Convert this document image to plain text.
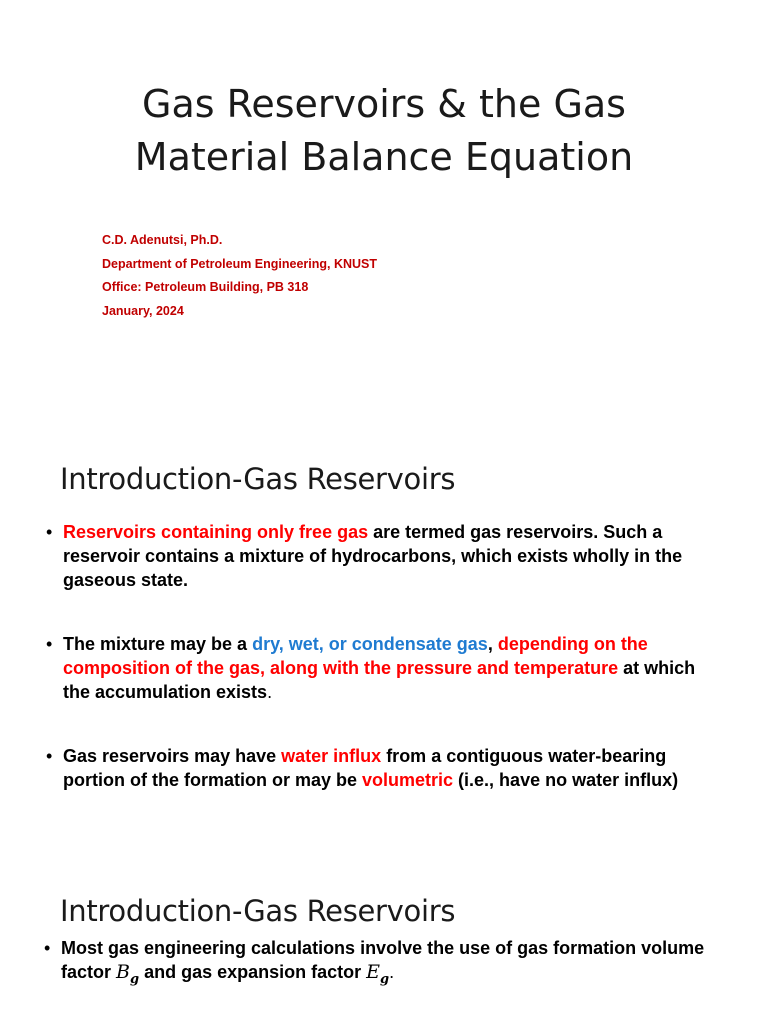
Gas Reservoirs & the Gas
Material Balance Equation
C.D. Adenutsi, Ph.D.
Department of Petroleum Engineering, KNUST
Office: Petroleum Building, PB 318
January, 2024
Introduction-Gas Reservoirs
• Reservoirs containing only free gas are termed gas reservoirs. Such a reservoir contains a mixture of hydrocarbons, which exists wholly in the gaseous state.
• The mixture may be a dry, wet, or condensate gas, depending on the composition of the gas, along with the pressure and temperature at which the accumulation exists.
• Gas reservoirs may have water influx from a contiguous water-bearing portion of the formation or may be volumetric (i.e., have no water influx)
Introduction-Gas Reservoirs
• Most gas engineering calculations involve the use of gas formation volume factor $B_g$ and gas expansion factor $E_g$.
